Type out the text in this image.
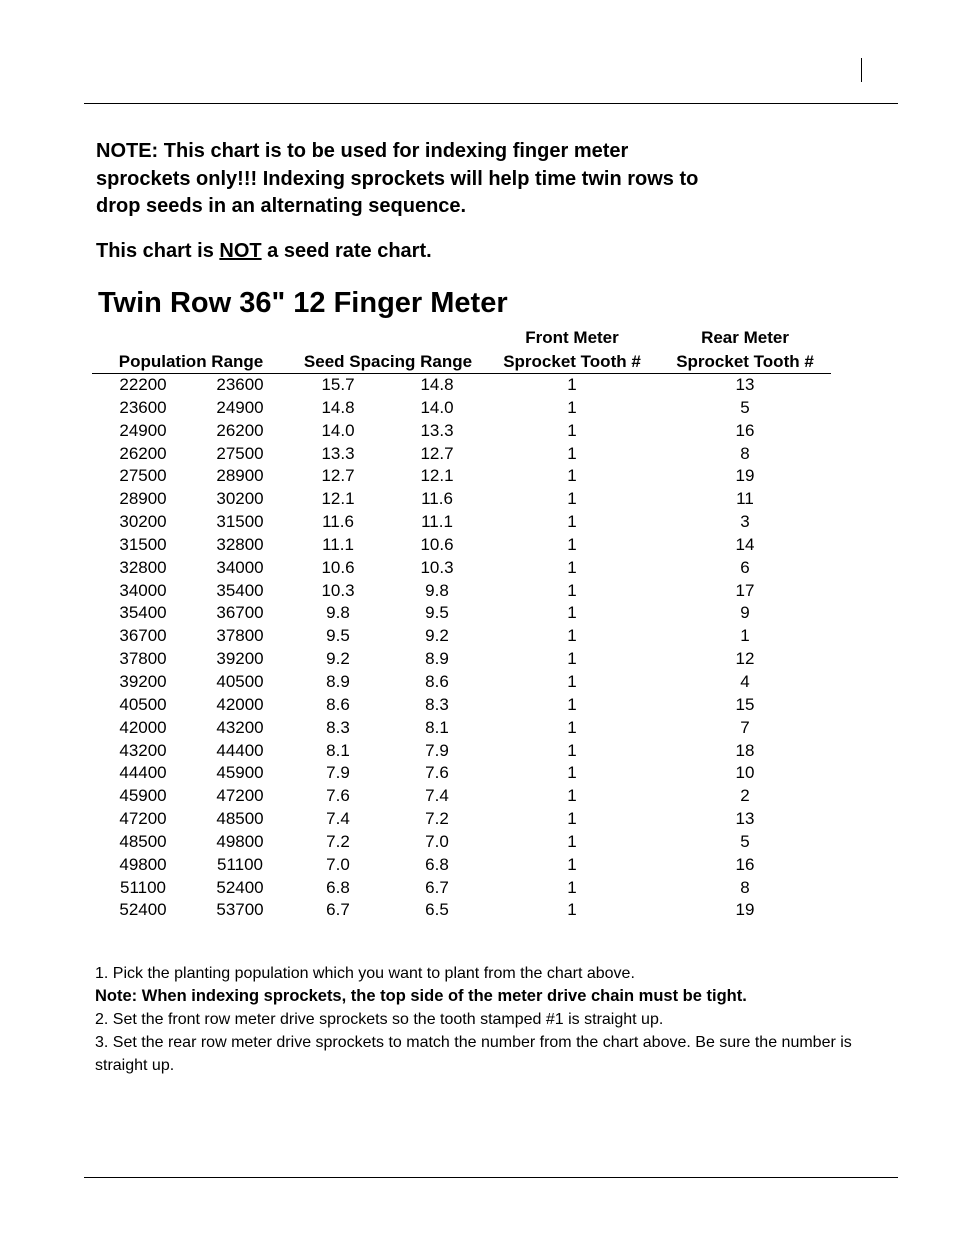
NOTE: This chart is to be used for indexing finger meter
sprockets only!!! Indexing sprockets will help time twin rows to
drop seeds in an alternating sequence.

This chart is NOT a seed rate chart.

Twin Row 36" 12 Finger Meter
Population Range Seed Spacing Range
Front Meter
Sprocket Tooth #
Rear Meter
Sprocket Tooth #
22200	23600	15.7	14.8	1	13
23600	24900	14.8	14.0	1	5
24900	26200	14.0	13.3	1	16
26200	27500	13.3	12.7	1	8
27500	28900	12.7	12.1	1	19
28900	30200	12.1	11.6	1	11
30200	31500	11.6	11.1	1	3
31500	32800	11.1	10.6	1	14
32800	34000	10.6	10.3	1	6
34000	35400	10.3	9.8	1	17
35400	36700	9.8	9.5	1	9
36700	37800	9.5	9.2	1	1
37800	39200	9.2	8.9	1	12
39200	40500	8.9	8.6	1	4
40500	42000	8.6	8.3	1	15
42000	43200	8.3	8.1	1	7
43200	44400	8.1	7.9	1	18
44400	45900	7.9	7.6	1	10
45900	47200	7.6	7.4	1	2
47200	48500	7.4	7.2	1	13
48500	49800	7.2	7.0	1	5
49800	51100	7.0	6.8	1	16
51100	52400	6.8	6.7	1	8
52400	53700	6.7	6.5	1	19

1. Pick the planting population which you want to plant from the chart above.

Note: When indexing sprockets, the top side of the meter drive chain must be tight.

2. Set the front row meter drive sprockets so the tooth stamped #1 is straight up.

3. Set the rear row meter drive sprockets to match the number from the chart above. Be sure the number is straight up.
